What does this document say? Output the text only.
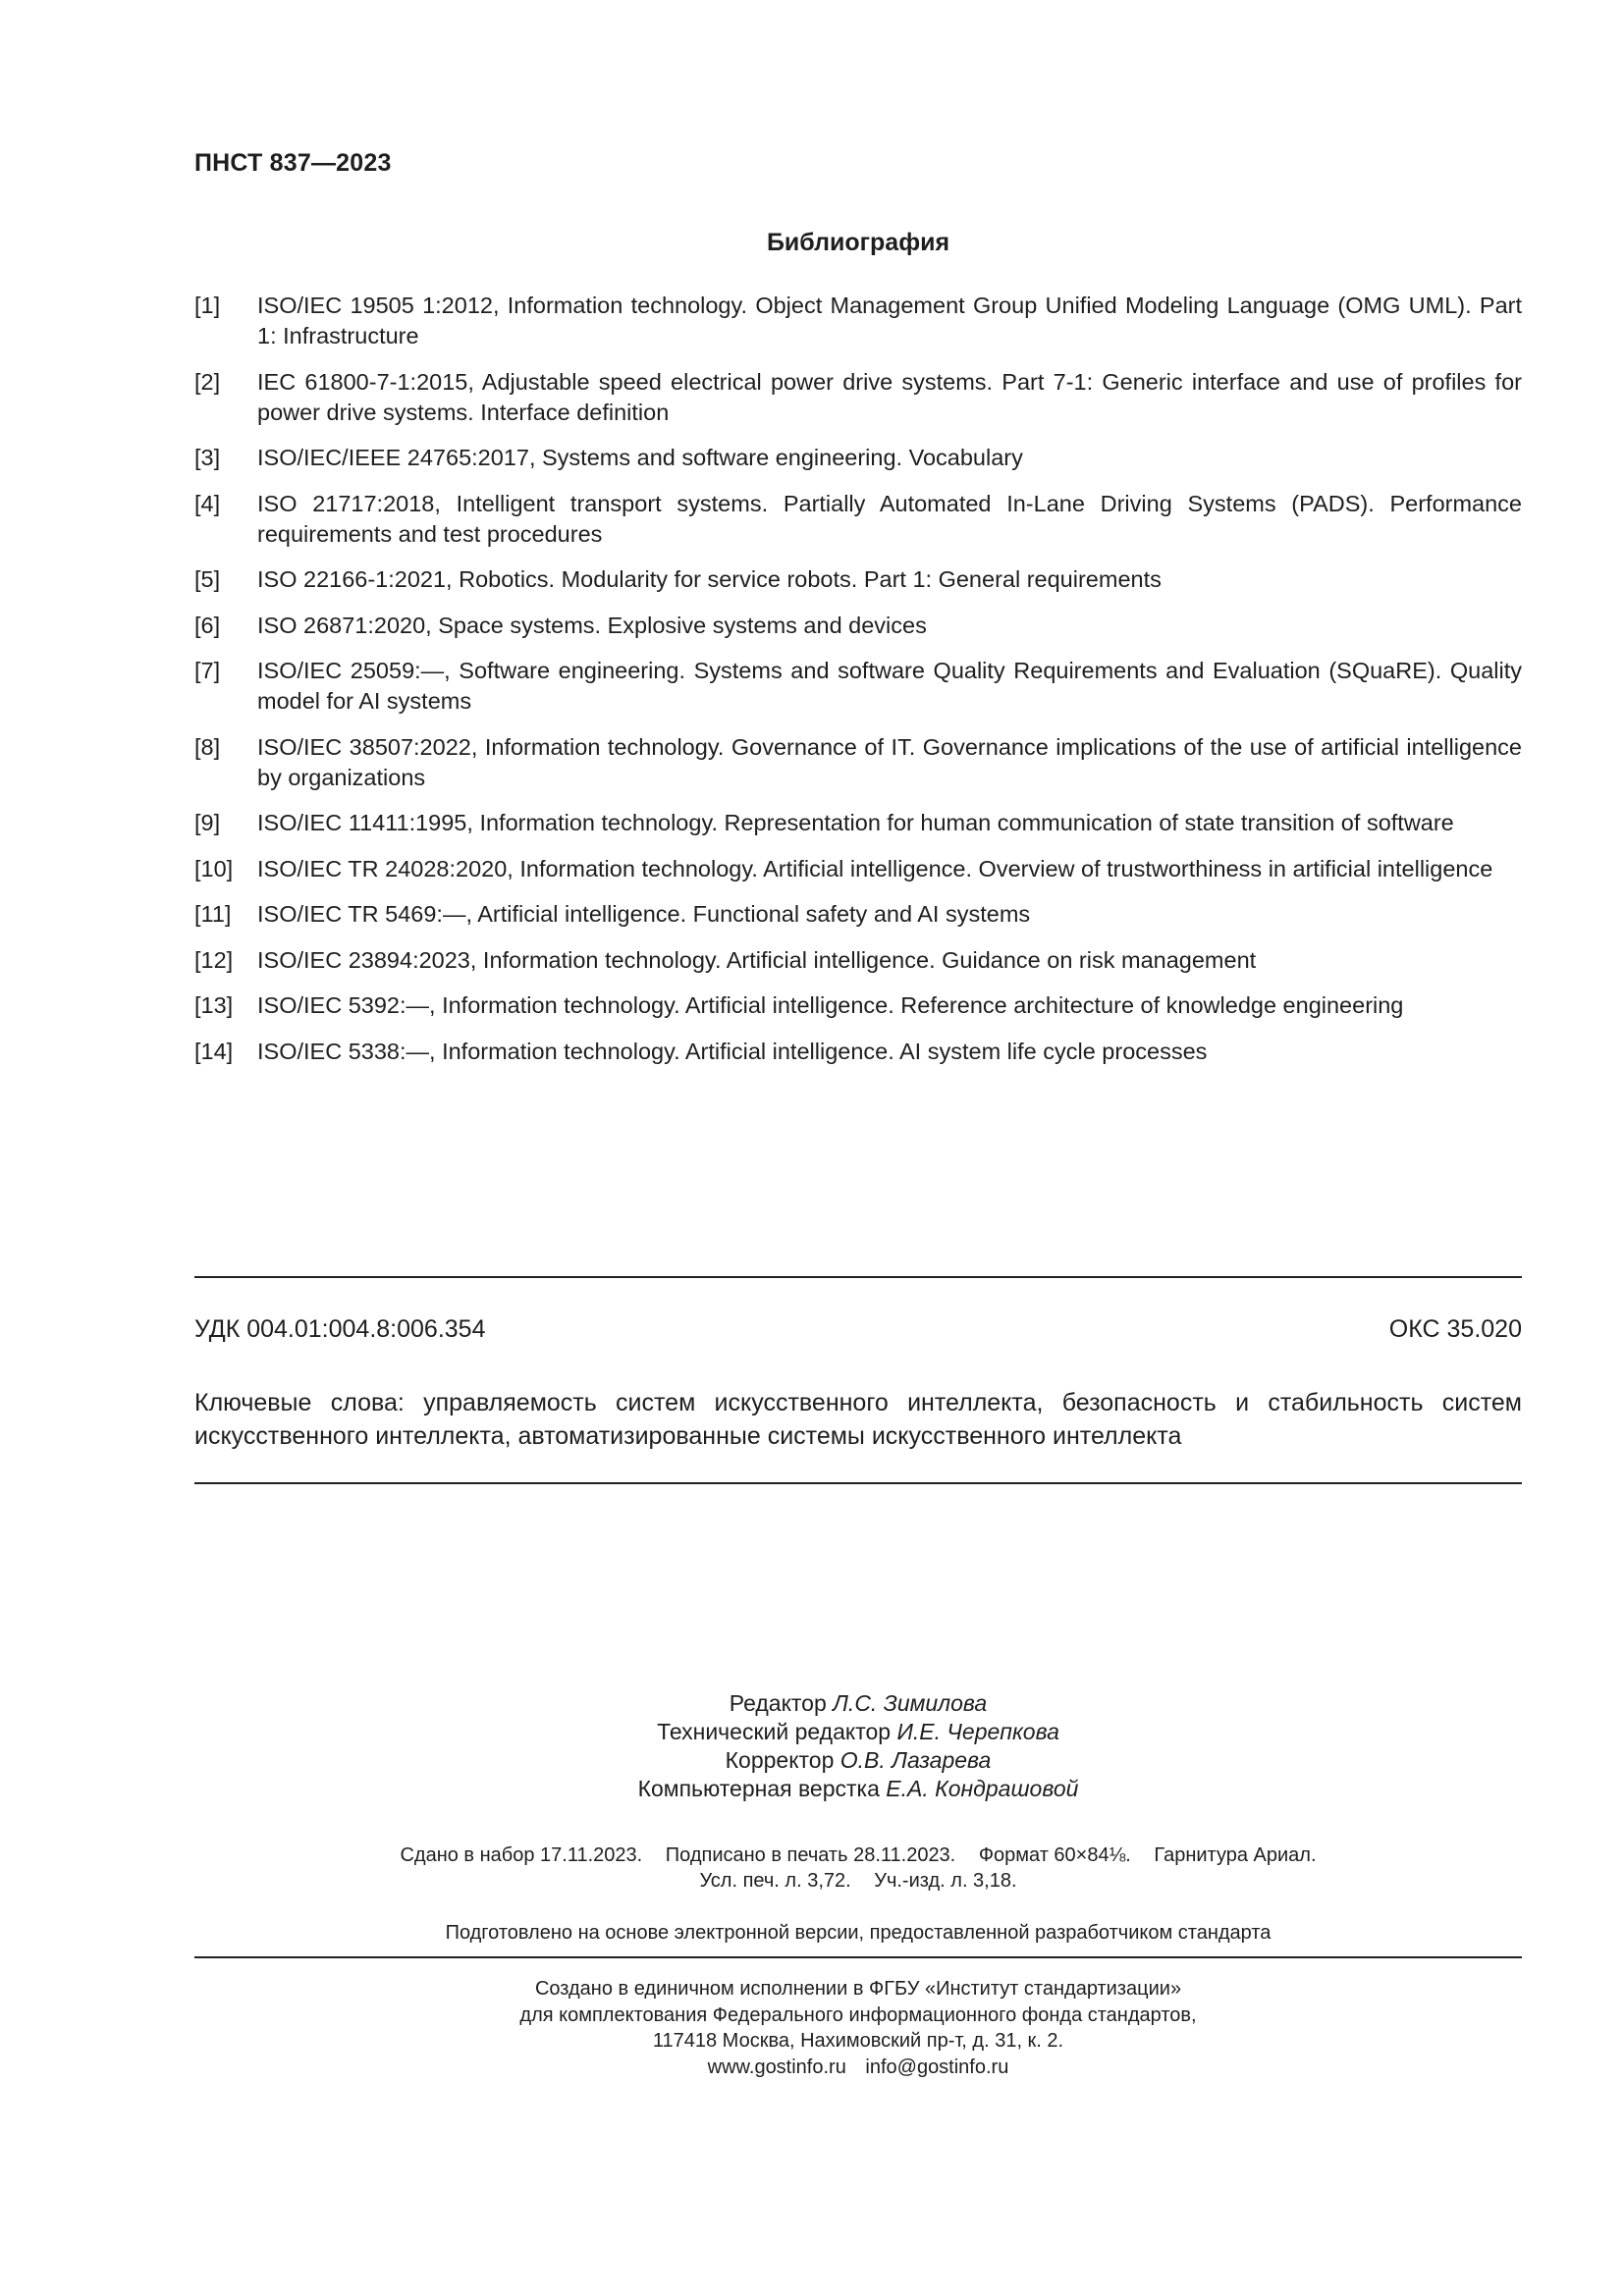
ПНСТ 837—2023
Библиография
[1]	ISO/IEC 19505 1:2012, Information technology. Object Management Group Unified Modeling Language (OMG UML). Part 1: Infrastructure
[2]	IEC 61800-7-1:2015, Adjustable speed electrical power drive systems. Part 7-1: Generic interface and use of profiles for power drive systems. Interface definition
[3]	ISO/IEC/IEEE 24765:2017, Systems and software engineering. Vocabulary
[4]	ISO 21717:2018, Intelligent transport systems. Partially Automated In-Lane Driving Systems (PADS). Performance requirements and test procedures
[5]	ISO 22166-1:2021, Robotics. Modularity for service robots. Part 1: General requirements
[6]	ISO 26871:2020, Space systems. Explosive systems and devices
[7]	ISO/IEC 25059:—, Software engineering. Systems and software Quality Requirements and Evaluation (SQuaRE). Quality model for AI systems
[8]	ISO/IEC 38507:2022, Information technology. Governance of IT. Governance implications of the use of artificial intelligence by organizations
[9]	ISO/IEC 11411:1995, Information technology. Representation for human communication of state transition of software
[10]	ISO/IEC TR 24028:2020, Information technology. Artificial intelligence. Overview of trustworthiness in artificial intelligence
[11]	ISO/IEC TR 5469:—, Artificial intelligence. Functional safety and AI systems
[12]	ISO/IEC 23894:2023, Information technology. Artificial intelligence. Guidance on risk management
[13]	ISO/IEC 5392:—, Information technology. Artificial intelligence. Reference architecture of knowledge engineering
[14]	ISO/IEC 5338:—, Information technology. Artificial intelligence. AI system life cycle processes
УДК 004.01:004.8:006.354	ОКС 35.020
Ключевые слова: управляемость систем искусственного интеллекта, безопасность и стабильность систем искусственного интеллекта, автоматизированные системы искусственного интеллекта
Редактор Л.С. Зимилова
Технический редактор И.Е. Черепкова
Корректор О.В. Лазарева
Компьютерная верстка Е.А. Кондрашовой
Сдано в набор 17.11.2023. Подписано в печать 28.11.2023. Формат 60×84⅛. Гарнитура Ариал.
Усл. печ. л. 3,72. Уч.-изд. л. 3,18.
Подготовлено на основе электронной версии, предоставленной разработчиком стандарта
Создано в единичном исполнении в ФГБУ «Институт стандартизации»
для комплектования Федерального информационного фонда стандартов,
117418 Москва, Нахимовский пр-т, д. 31, к. 2.
www.gostinfo.ru info@gostinfo.ru
